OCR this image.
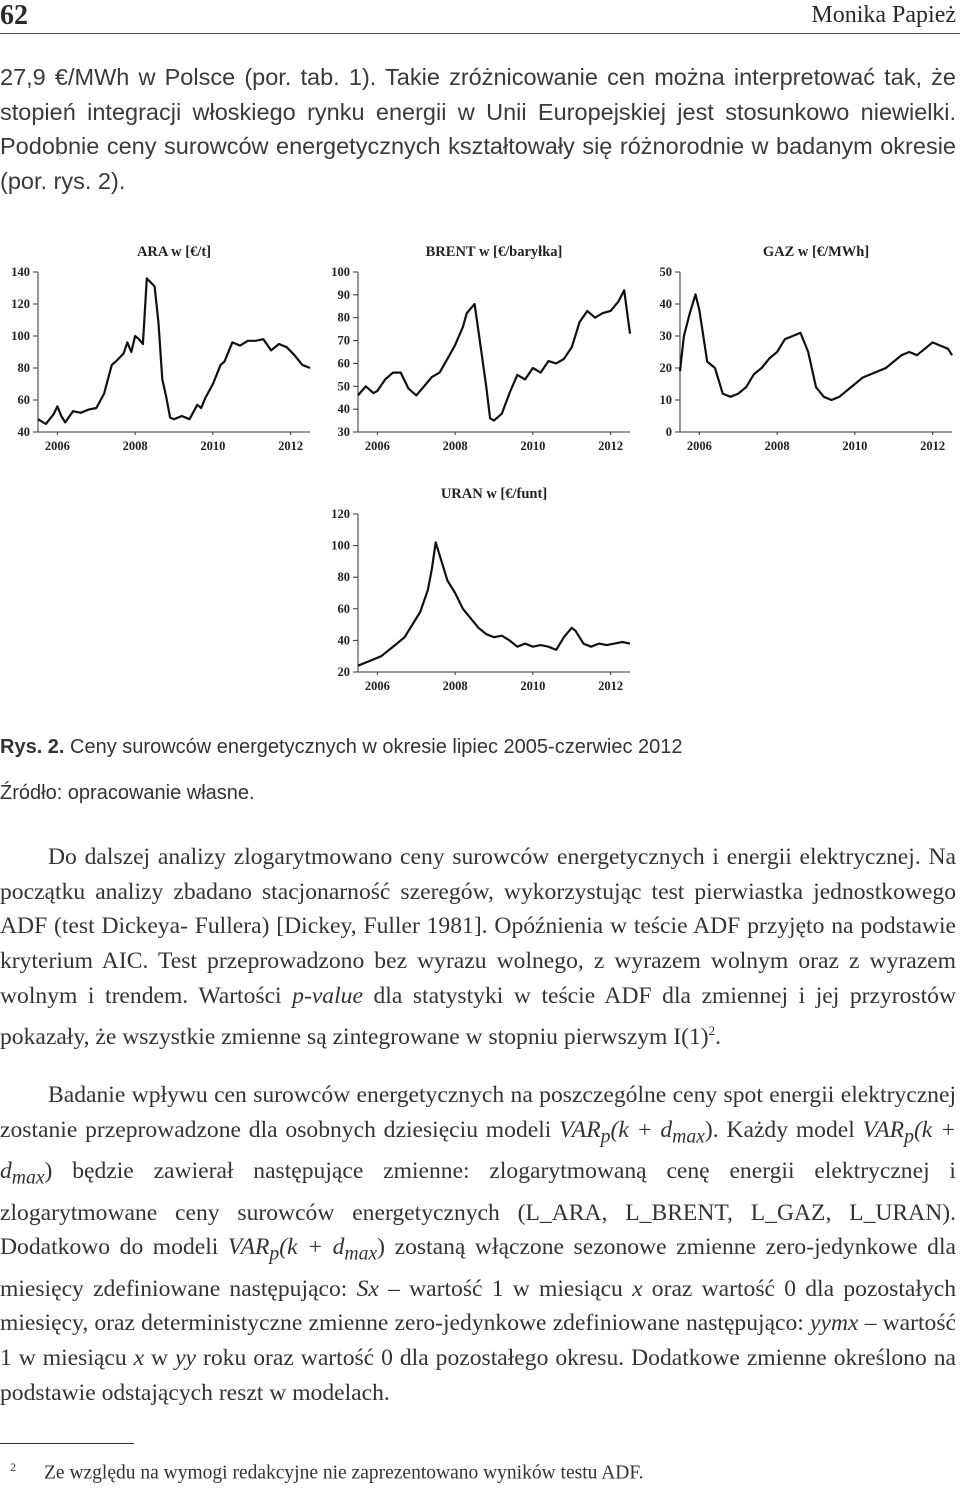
62	Monika Papież
27,9 €/MWh w Polsce (por. tab. 1). Takie zróżnicowanie cen można interpretować tak, że stopień integracji włoskiego rynku energii w Unii Europejskiej jest stosunkowo niewielki. Podobnie ceny surowców energetycznych kształtowały się różnorodnie w badanym okresie (por. rys. 2).
ARA w [€/t]
40
60
80
100
120
140
2006	2008	2010	2012
BRENT w [€/baryłka]
30
40
50
60
70
80
90
100
2006	2008	2010	2012
GAZ w [€/MWh]
0
10
20
30
40
50
2006	2008	2010	2012
URAN w [€/funt]
20
40
60
80
100
120
2006	2008	2010	2012
Rys. 2. Ceny surowców energetycznych w okresie lipiec 2005-czerwiec 2012
Źródło: opracowanie własne.
Do dalszej analizy zlogarytmowano ceny surowców energetycznych i energii elektrycznej. Na początku analizy zbadano stacjonarność szeregów, wykorzystując test pierwiastka jednostkowego ADF (test Dickeya- Fullera) [Dickey, Fuller 1981]. Opóźnienia w teście ADF przyjęto na podstawie kryterium AIC. Test przeprowadzono bez wyrazu wolnego, z wyrazem wolnym oraz z wyrazem wolnym i trendem. Wartości p-value dla statystyki w teście ADF dla zmiennej i jej przyrostów pokazały, że wszystkie zmienne są zintegrowane w stopniu pierwszym $I(1)^2$.
Badanie wpływu cen surowców energetycznych na poszczególne ceny spot energii elektrycznej zostanie przeprowadzone dla osobnych dziesięciu modeli $VAR_p(k + d_{max})$. Każdy model $VAR_p(k + d_{max})$ będzie zawierał następujące zmienne: zlogarytmowaną cenę energii elektrycznej i zlogarytmowane ceny surowców energetycznych (L_ARA, L_BRENT, L_GAZ, L_URAN). Dodatkowo do modeli $VAR_p(k + d_{max})$ zostaną włączone sezonowe zmienne zero-jedynkowe dla miesięcy zdefiniowane następująco: Sx – wartość 1 w miesiącu x oraz wartość 0 dla pozostałych miesięcy, oraz deterministyczne zmienne zero-jedynkowe zdefiniowane następująco: yymx – wartość 1 w miesiącu x w yy roku oraz wartość 0 dla pozostałego okresu. Dodatkowe zmienne określono na podstawie odstających reszt w modelach.
$^2$ Ze względu na wymogi redakcyjne nie zaprezentowano wyników testu ADF.
